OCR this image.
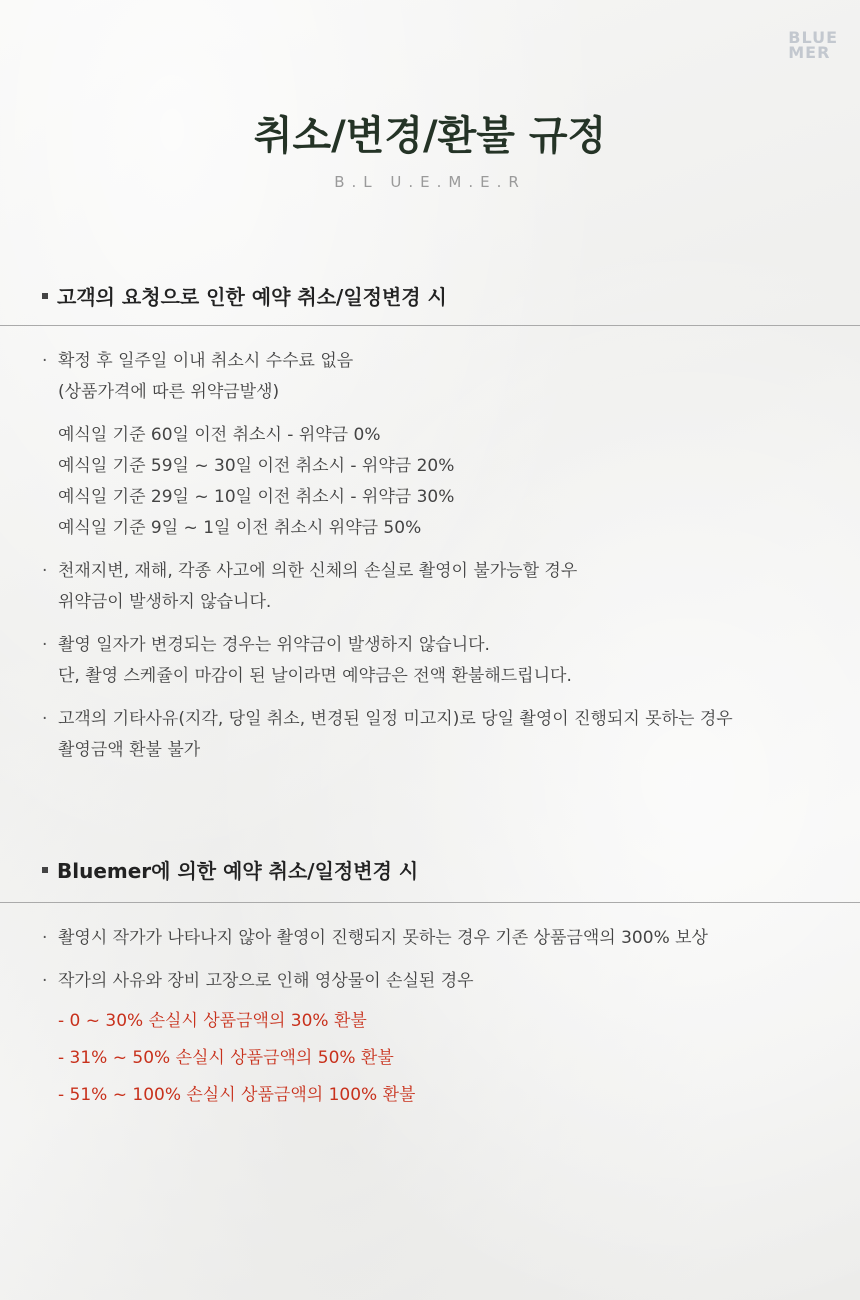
BLUE
MER
취소/변경/환불 규정
B.L U.E.M.E.R
고객의 요청으로 인한 예약 취소/일정변경 시
· 확정 후 일주일 이내 취소시 수수료 없음
(상품가격에 따른 위약금발생)
예식일 기준 60일 이전 취소시 - 위약금 0%
예식일 기준 59일 ~ 30일 이전 취소시 - 위약금 20%
예식일 기준 29일 ~ 10일 이전 취소시 - 위약금 30%
예식일 기준 9일 ~ 1일 이전 취소시 위약금 50%
· 천재지변, 재해, 각종 사고에 의한 신체의 손실로 촬영이 불가능할 경우
위약금이 발생하지 않습니다.
· 촬영 일자가 변경되는 경우는 위약금이 발생하지 않습니다.
단, 촬영 스케쥴이 마감이 된 날이라면 예약금은 전액 환불해드립니다.
· 고객의 기타사유(지각, 당일 취소, 변경된 일정 미고지)로 당일 촬영이 진행되지 못하는 경우
촬영금액 환불 불가
Bluemer에 의한 예약 취소/일정변경 시
· 촬영시 작가가 나타나지 않아 촬영이 진행되지 못하는 경우 기존 상품금액의 300% 보상
· 작가의 사유와 장비 고장으로 인해 영상물이 손실된 경우
- 0 ~ 30% 손실시 상품금액의 30% 환불
- 31% ~ 50% 손실시 상품금액의 50% 환불
- 51% ~ 100% 손실시 상품금액의 100% 환불
